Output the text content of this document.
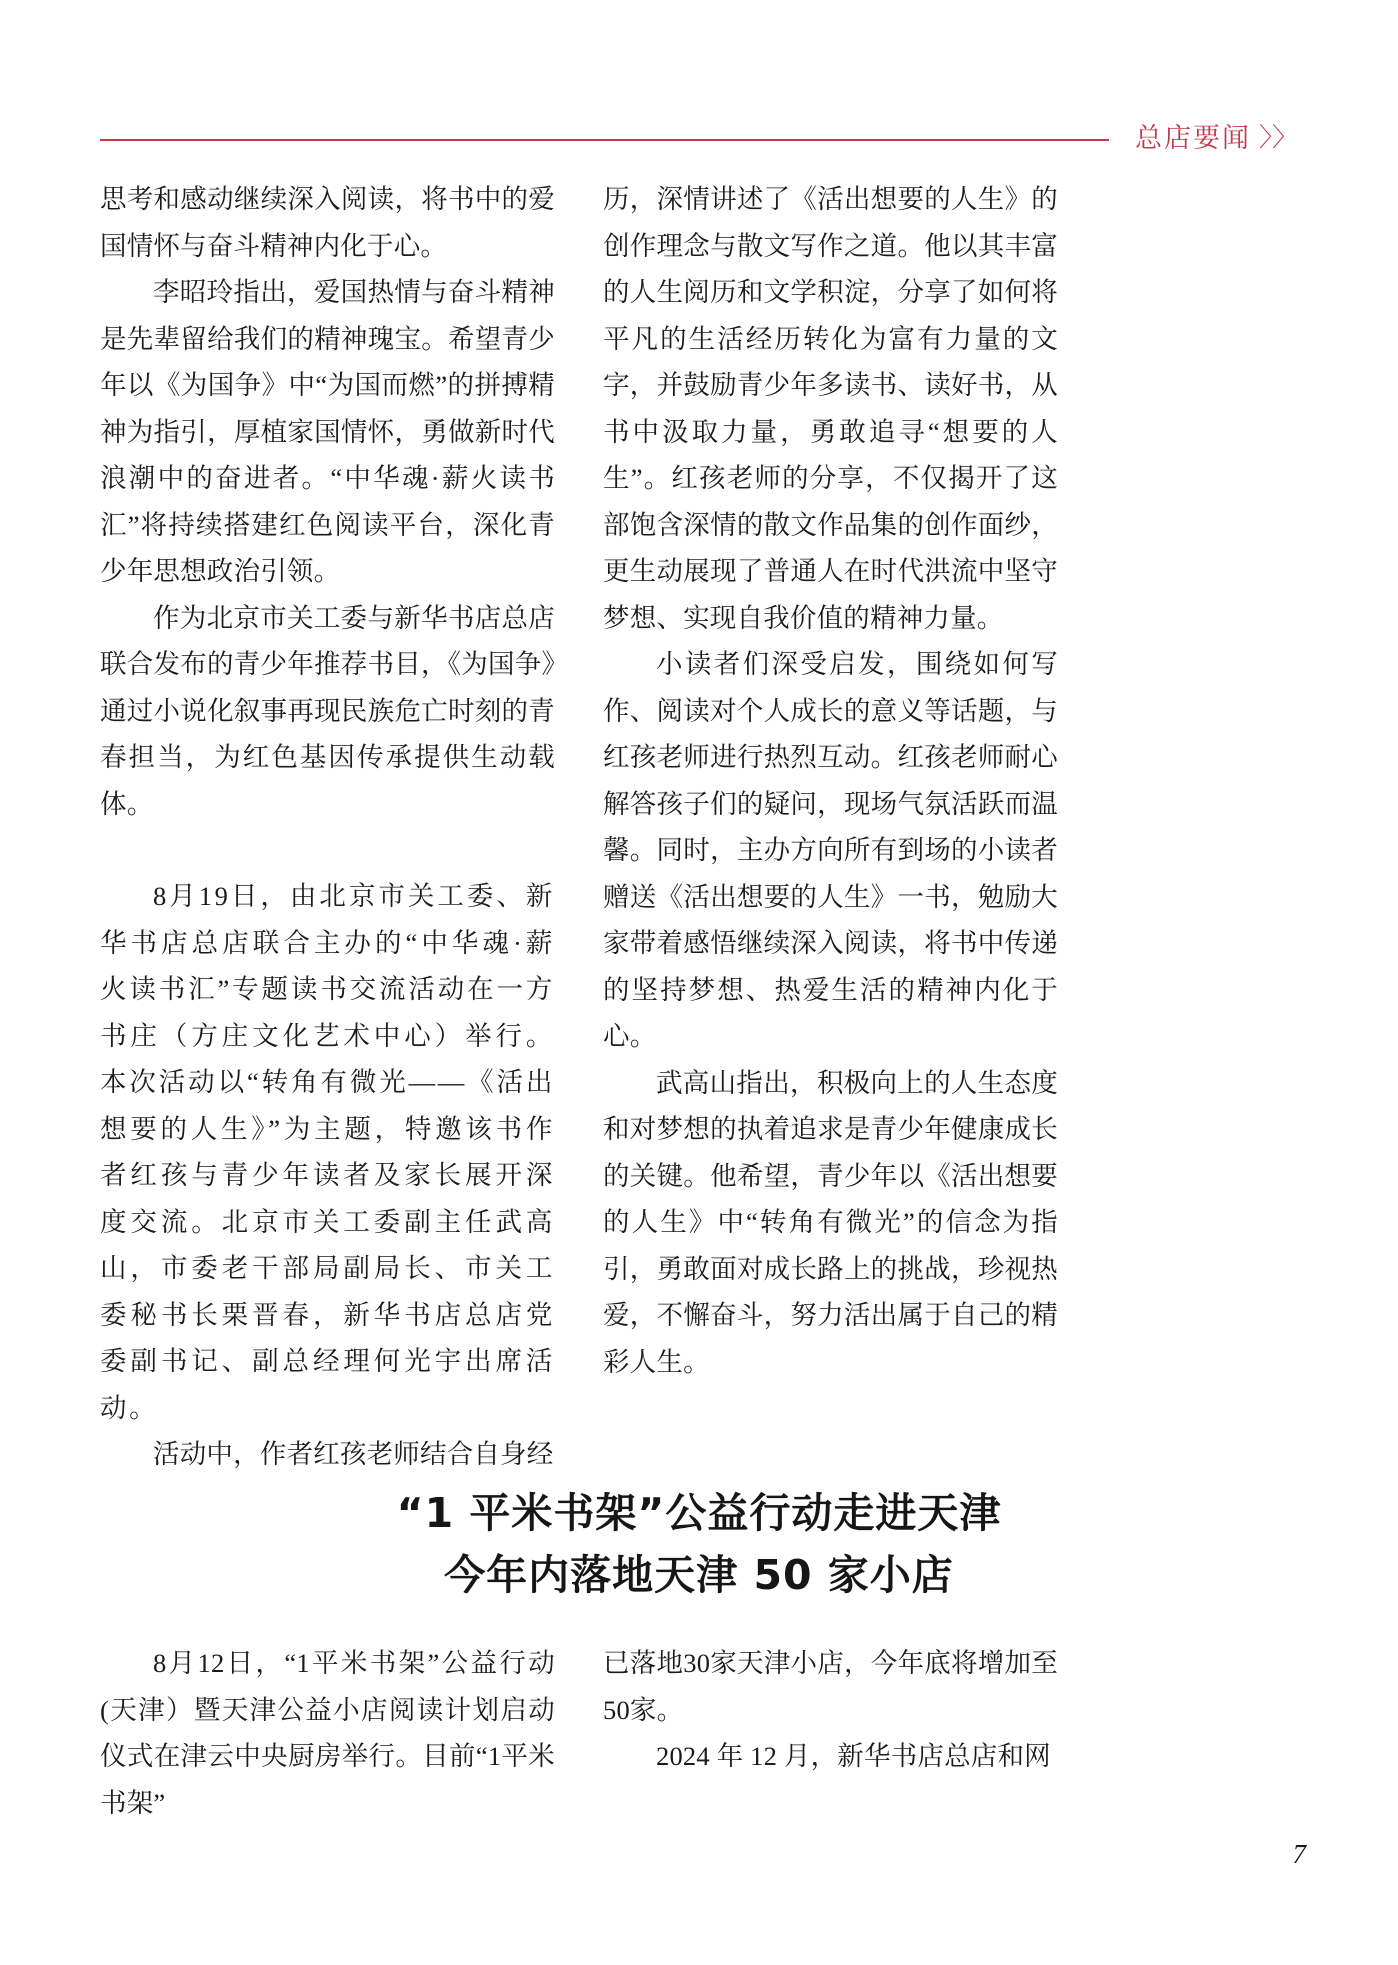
总店要闻 〉〉

思考和感动继续深入阅读，将书中的爱国情怀与奋斗精神内化于心。

李昭玲指出，爱国热情与奋斗精神是先辈留给我们的精神瑰宝。希望青少年以《为国争》中“为国而燃”的拼搏精神为指引，厚植家国情怀，勇做新时代浪潮中的奋进者。“中华魂·薪火读书汇”将持续搭建红色阅读平台，深化青少年思想政治引领。

作为北京市关工委与新华书店总店联合发布的青少年推荐书目，《为国争》通过小说化叙事再现民族危亡时刻的青春担当，为红色基因传承提供生动载体。

8月19日，由北京市关工委、新华书店总店联合主办的“中华魂·薪火读书汇”专题读书交流活动在一方书庄（方庄文化艺术中心）举行。本次活动以“转角有微光——《活出想要的人生》”为主题，特邀该书作者红孩与青少年读者及家长展开深度交流。北京市关工委副主任武高山，市委老干部局副局长、市关工委秘书长栗晋春，新华书店总店党委副书记、副总经理何光宇出席活动。

活动中，作者红孩老师结合自身经

历，深情讲述了《活出想要的人生》的创作理念与散文写作之道。他以其丰富的人生阅历和文学积淀，分享了如何将平凡的生活经历转化为富有力量的文字，并鼓励青少年多读书、读好书，从书中汲取力量，勇敢追寻“想要的人生”。红孩老师的分享，不仅揭开了这部饱含深情的散文作品集的创作面纱，更生动展现了普通人在时代洪流中坚守梦想、实现自我价值的精神力量。

小读者们深受启发，围绕如何写作、阅读对个人成长的意义等话题，与红孩老师进行热烈互动。红孩老师耐心解答孩子们的疑问，现场气氛活跃而温馨。同时，主办方向所有到场的小读者赠送《活出想要的人生》一书，勉励大家带着感悟继续深入阅读，将书中传递的坚持梦想、热爱生活的精神内化于心。

武高山指出，积极向上的人生态度和对梦想的执着追求是青少年健康成长的关键。他希望，青少年以《活出想要的人生》中“转角有微光”的信念为指引，勇敢面对成长路上的挑战，珍视热爱，不懈奋斗，努力活出属于自己的精彩人生。

“1 平米书架”公益行动走进天津
今年内落地天津 50 家小店

8月12日，“1平米书架”公益行动(天津）暨天津公益小店阅读计划启动仪式在津云中央厨房举行。目前“1平米书架”

已落地30家天津小店，今年底将增加至50家。

2024 年 12 月，新华书店总店和网

7
